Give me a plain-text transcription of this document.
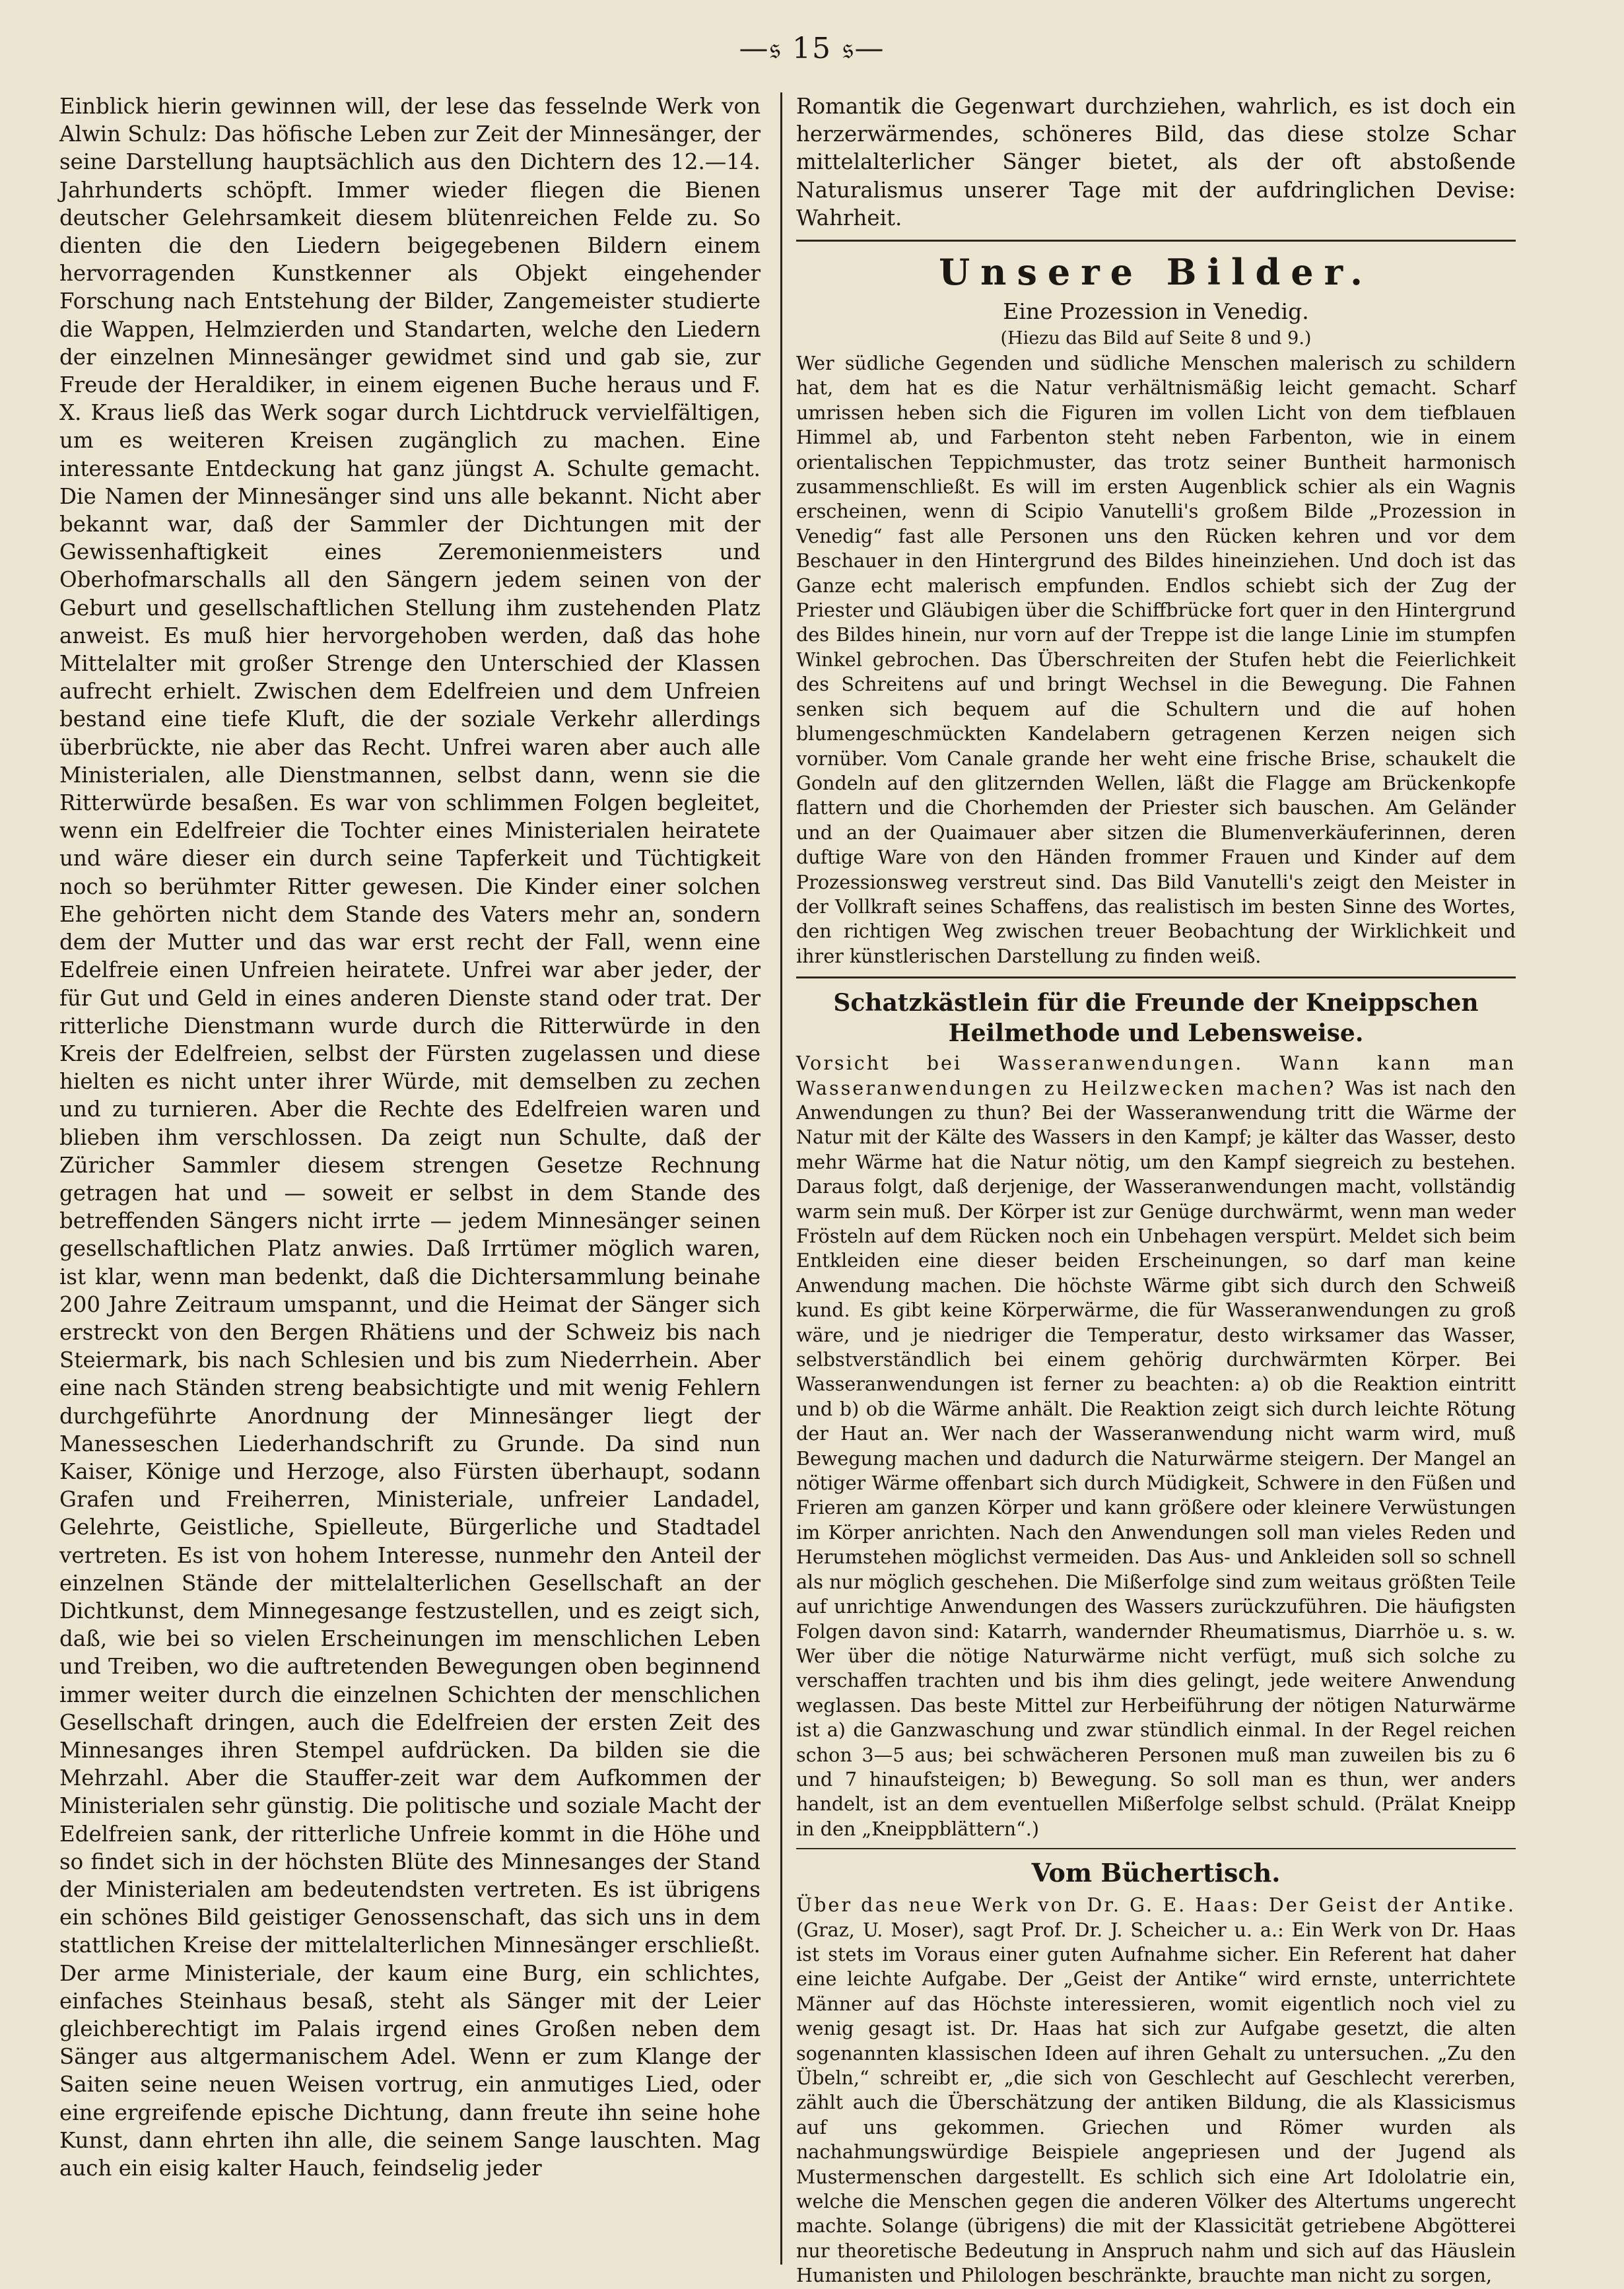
—𝔰 15 𝔰—

Einblick hierin gewinnen will, der lese das fesselnde Werk von Alwin Schulz: Das höfische Leben zur Zeit der Minnesänger, der seine Darstellung hauptsächlich aus den Dichtern des 12.—14. Jahrhunderts schöpft. Immer wieder fliegen die Bienen deutscher Gelehrsamkeit diesem blütenreichen Felde zu. So dienten die den Liedern beigegebenen Bildern einem hervorragenden Kunstkenner als Objekt eingehender Forschung nach Entstehung der Bilder, Zangemeister studierte die Wappen, Helmzierden und Standarten, welche den Liedern der einzelnen Minnesänger gewidmet sind und gab sie, zur Freude der Heraldiker, in einem eigenen Buche heraus und F. X. Kraus ließ das Werk sogar durch Lichtdruck vervielfältigen, um es weiteren Kreisen zugänglich zu machen. Eine interessante Entdeckung hat ganz jüngst A. Schulte gemacht. Die Namen der Minnesänger sind uns alle bekannt. Nicht aber bekannt war, daß der Sammler der Dichtungen mit der Gewissenhaftigkeit eines Zeremonienmeisters und Oberhofmarschalls all den Sängern jedem seinen von der Geburt und gesellschaftlichen Stellung ihm zustehenden Platz anweist. Es muß hier hervorgehoben werden, daß das hohe Mittelalter mit großer Strenge den Unterschied der Klassen aufrecht erhielt. Zwischen dem Edelfreien und dem Unfreien bestand eine tiefe Kluft, die der soziale Verkehr allerdings überbrückte, nie aber das Recht. Unfrei waren aber auch alle Ministerialen, alle Dienstmannen, selbst dann, wenn sie die Ritterwürde besaßen. Es war von schlimmen Folgen begleitet, wenn ein Edelfreier die Tochter eines Ministerialen heiratete und wäre dieser ein durch seine Tapferkeit und Tüchtigkeit noch so berühmter Ritter gewesen. Die Kinder einer solchen Ehe gehörten nicht dem Stande des Vaters mehr an, sondern dem der Mutter und das war erst recht der Fall, wenn eine Edelfreie einen Unfreien heiratete. Unfrei war aber jeder, der für Gut und Geld in eines anderen Dienste stand oder trat. Der ritterliche Dienstmann wurde durch die Ritterwürde in den Kreis der Edelfreien, selbst der Fürsten zugelassen und diese hielten es nicht unter ihrer Würde, mit demselben zu zechen und zu turnieren. Aber die Rechte des Edelfreien waren und blieben ihm verschlossen. Da zeigt nun Schulte, daß der Züricher Sammler diesem strengen Gesetze Rechnung getragen hat und — soweit er selbst in dem Stande des betreffenden Sängers nicht irrte — jedem Minnesänger seinen gesellschaftlichen Platz anwies. Daß Irrtümer möglich waren, ist klar, wenn man bedenkt, daß die Dichtersammlung beinahe 200 Jahre Zeitraum umspannt, und die Heimat der Sänger sich erstreckt von den Bergen Rhätiens und der Schweiz bis nach Steiermark, bis nach Schlesien und bis zum Niederrhein. Aber eine nach Ständen streng beabsichtigte und mit wenig Fehlern durchgeführte Anordnung der Minnesänger liegt der Manesseschen Liederhandschrift zu Grunde. Da sind nun Kaiser, Könige und Herzoge, also Fürsten überhaupt, sodann Grafen und Freiherren, Ministeriale, unfreier Landadel, Gelehrte, Geistliche, Spielleute, Bürgerliche und Stadtadel vertreten. Es ist von hohem Interesse, nunmehr den Anteil der einzelnen Stände der mittelalterlichen Gesellschaft an der Dichtkunst, dem Minnegesange festzustellen, und es zeigt sich, daß, wie bei so vielen Erscheinungen im menschlichen Leben und Treiben, wo die auftretenden Bewegungen oben beginnend immer weiter durch die einzelnen Schichten der menschlichen Gesellschaft dringen, auch die Edelfreien der ersten Zeit des Minnesanges ihren Stempel aufdrücken. Da bilden sie die Mehrzahl. Aber die Stauffer-zeit war dem Aufkommen der Ministerialen sehr günstig. Die politische und soziale Macht der Edelfreien sank, der ritterliche Unfreie kommt in die Höhe und so findet sich in der höchsten Blüte des Minnesanges der Stand der Ministerialen am bedeutendsten vertreten. Es ist übrigens ein schönes Bild geistiger Genossenschaft, das sich uns in dem stattlichen Kreise der mittelalterlichen Minnesänger erschließt. Der arme Ministeriale, der kaum eine Burg, ein schlichtes, einfaches Steinhaus besaß, steht als Sänger mit der Leier gleichberechtigt im Palais irgend eines Großen neben dem Sänger aus altgermanischem Adel. Wenn er zum Klange der Saiten seine neuen Weisen vortrug, ein anmutiges Lied, oder eine ergreifende epische Dichtung, dann freute ihn seine hohe Kunst, dann ehrten ihn alle, die seinem Sange lauschten. Mag auch ein eisig kalter Hauch, feindselig jeder

Romantik die Gegenwart durchziehen, wahrlich, es ist doch ein herzerwärmendes, schöneres Bild, das diese stolze Schar mittelalterlicher Sänger bietet, als der oft abstoßende Naturalismus unserer Tage mit der aufdringlichen Devise: Wahrheit.

Unsere Bilder.
Eine Prozession in Venedig.
(Hiezu das Bild auf Seite 8 und 9.)

Wer südliche Gegenden und südliche Menschen malerisch zu schildern hat, dem hat es die Natur verhältnismäßig leicht gemacht. Scharf umrissen heben sich die Figuren im vollen Licht von dem tiefblauen Himmel ab, und Farbenton steht neben Farbenton, wie in einem orientalischen Teppichmuster, das trotz seiner Buntheit harmonisch zusammenschließt. Es will im ersten Augenblick schier als ein Wagnis erscheinen, wenn di Scipio Vanutelli's großem Bilde „Prozession in Venedig“ fast alle Personen uns den Rücken kehren und vor dem Beschauer in den Hintergrund des Bildes hineinziehen. Und doch ist das Ganze echt malerisch empfunden. Endlos schiebt sich der Zug der Priester und Gläubigen über die Schiffbrücke fort quer in den Hintergrund des Bildes hinein, nur vorn auf der Treppe ist die lange Linie im stumpfen Winkel gebrochen. Das Überschreiten der Stufen hebt die Feierlichkeit des Schreitens auf und bringt Wechsel in die Bewegung. Die Fahnen senken sich bequem auf die Schultern und die auf hohen blumengeschmückten Kandelabern getragenen Kerzen neigen sich vornüber. Vom Canale grande her weht eine frische Brise, schaukelt die Gondeln auf den glitzernden Wellen, läßt die Flagge am Brückenkopfe flattern und die Chorhemden der Priester sich bauschen. Am Geländer und an der Quaimauer aber sitzen die Blumenverkäuferinnen, deren duftige Ware von den Händen frommer Frauen und Kinder auf dem Prozessionsweg verstreut sind. Das Bild Vanutelli's zeigt den Meister in der Vollkraft seines Schaffens, das realistisch im besten Sinne des Wortes, den richtigen Weg zwischen treuer Beobachtung der Wirklichkeit und ihrer künstlerischen Darstellung zu finden weiß.

Schatzkästlein für die Freunde der Kneippschen Heilmethode und Lebensweise.

Vorsicht bei Wasseranwendungen. Wann kann man Wasseranwendungen zu Heilzwecken machen? Was ist nach den Anwendungen zu thun? Bei der Wasseranwendung tritt die Wärme der Natur mit der Kälte des Wassers in den Kampf; je kälter das Wasser, desto mehr Wärme hat die Natur nötig, um den Kampf siegreich zu bestehen. Daraus folgt, daß derjenige, der Wasseranwendungen macht, vollständig warm sein muß. Der Körper ist zur Genüge durchwärmt, wenn man weder Frösteln auf dem Rücken noch ein Unbehagen verspürt. Meldet sich beim Entkleiden eine dieser beiden Erscheinungen, so darf man keine Anwendung machen. Die höchste Wärme gibt sich durch den Schweiß kund. Es gibt keine Körperwärme, die für Wasseranwendungen zu groß wäre, und je niedriger die Temperatur, desto wirksamer das Wasser, selbstverständlich bei einem gehörig durchwärmten Körper. Bei Wasseranwendungen ist ferner zu beachten: a) ob die Reaktion eintritt und b) ob die Wärme anhält. Die Reaktion zeigt sich durch leichte Rötung der Haut an. Wer nach der Wasseranwendung nicht warm wird, muß Bewegung machen und dadurch die Naturwärme steigern. Der Mangel an nötiger Wärme offenbart sich durch Müdigkeit, Schwere in den Füßen und Frieren am ganzen Körper und kann größere oder kleinere Verwüstungen im Körper anrichten. Nach den Anwendungen soll man vieles Reden und Herumstehen möglichst vermeiden. Das Aus- und Ankleiden soll so schnell als nur möglich geschehen. Die Mißerfolge sind zum weitaus größten Teile auf unrichtige Anwendungen des Wassers zurückzuführen. Die häufigsten Folgen davon sind: Katarrh, wandernder Rheumatismus, Diarrhöe u. s. w. Wer über die nötige Naturwärme nicht verfügt, muß sich solche zu verschaffen trachten und bis ihm dies gelingt, jede weitere Anwendung weglassen. Das beste Mittel zur Herbeiführung der nötigen Naturwärme ist a) die Ganzwaschung und zwar stündlich einmal. In der Regel reichen schon 3—5 aus; bei schwächeren Personen muß man zuweilen bis zu 6 und 7 hinaufsteigen; b) Bewegung. So soll man es thun, wer anders handelt, ist an dem eventuellen Mißerfolge selbst schuld. (Prälat Kneipp in den „Kneippblättern“.)

Vom Büchertisch.

Über das neue Werk von Dr. G. E. Haas: Der Geist der Antike. (Graz, U. Moser), sagt Prof. Dr. J. Scheicher u. a.: Ein Werk von Dr. Haas ist stets im Voraus einer guten Aufnahme sicher. Ein Referent hat daher eine leichte Aufgabe. Der „Geist der Antike“ wird ernste, unterrichtete Männer auf das Höchste interessieren, womit eigentlich noch viel zu wenig gesagt ist. Dr. Haas hat sich zur Aufgabe gesetzt, die alten sogenannten klassischen Ideen auf ihren Gehalt zu untersuchen. „Zu den Übeln,“ schreibt er, „die sich von Geschlecht auf Geschlecht vererben, zählt auch die Überschätzung der antiken Bildung, die als Klassicismus auf uns gekommen. Griechen und Römer wurden als nachahmungswürdige Beispiele angepriesen und der Jugend als Mustermenschen dargestellt. Es schlich sich eine Art Idololatrie ein, welche die Menschen gegen die anderen Völker des Altertums ungerecht machte. Solange (übrigens) die mit der Klassicität getriebene Abgötterei nur theoretische Bedeutung in Anspruch nahm und sich auf das Häuslein Humanisten und Philologen beschränkte, brauchte man nicht zu sorgen,
